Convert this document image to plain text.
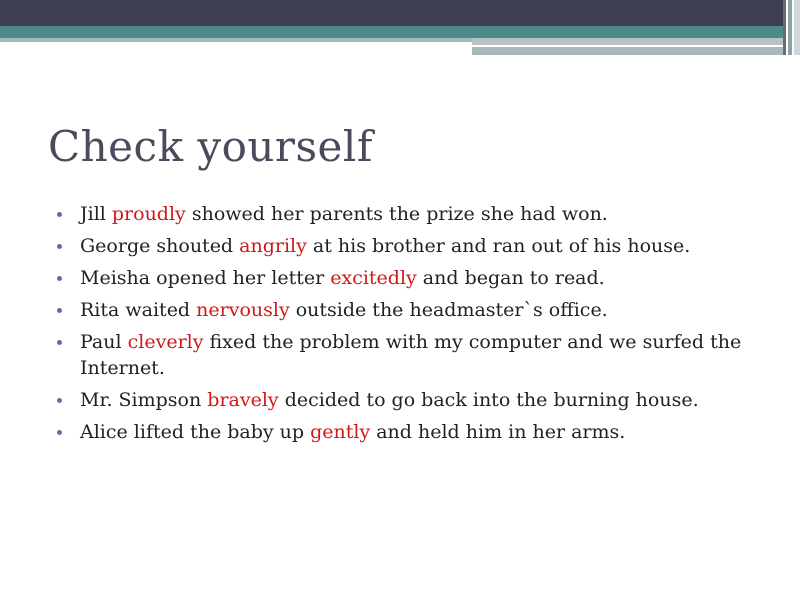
Check yourself
Jill proudly showed her parents the prize she had won.
George shouted angrily at his brother and ran out of his house.
Meisha opened her letter excitedly and began to read.
Rita waited nervously outside the headmaster`s office.
Paul cleverly fixed the problem with my computer and we surfed the Internet.
Mr. Simpson bravely decided to go back into the burning house.
Alice lifted the baby up gently and held him in her arms.
